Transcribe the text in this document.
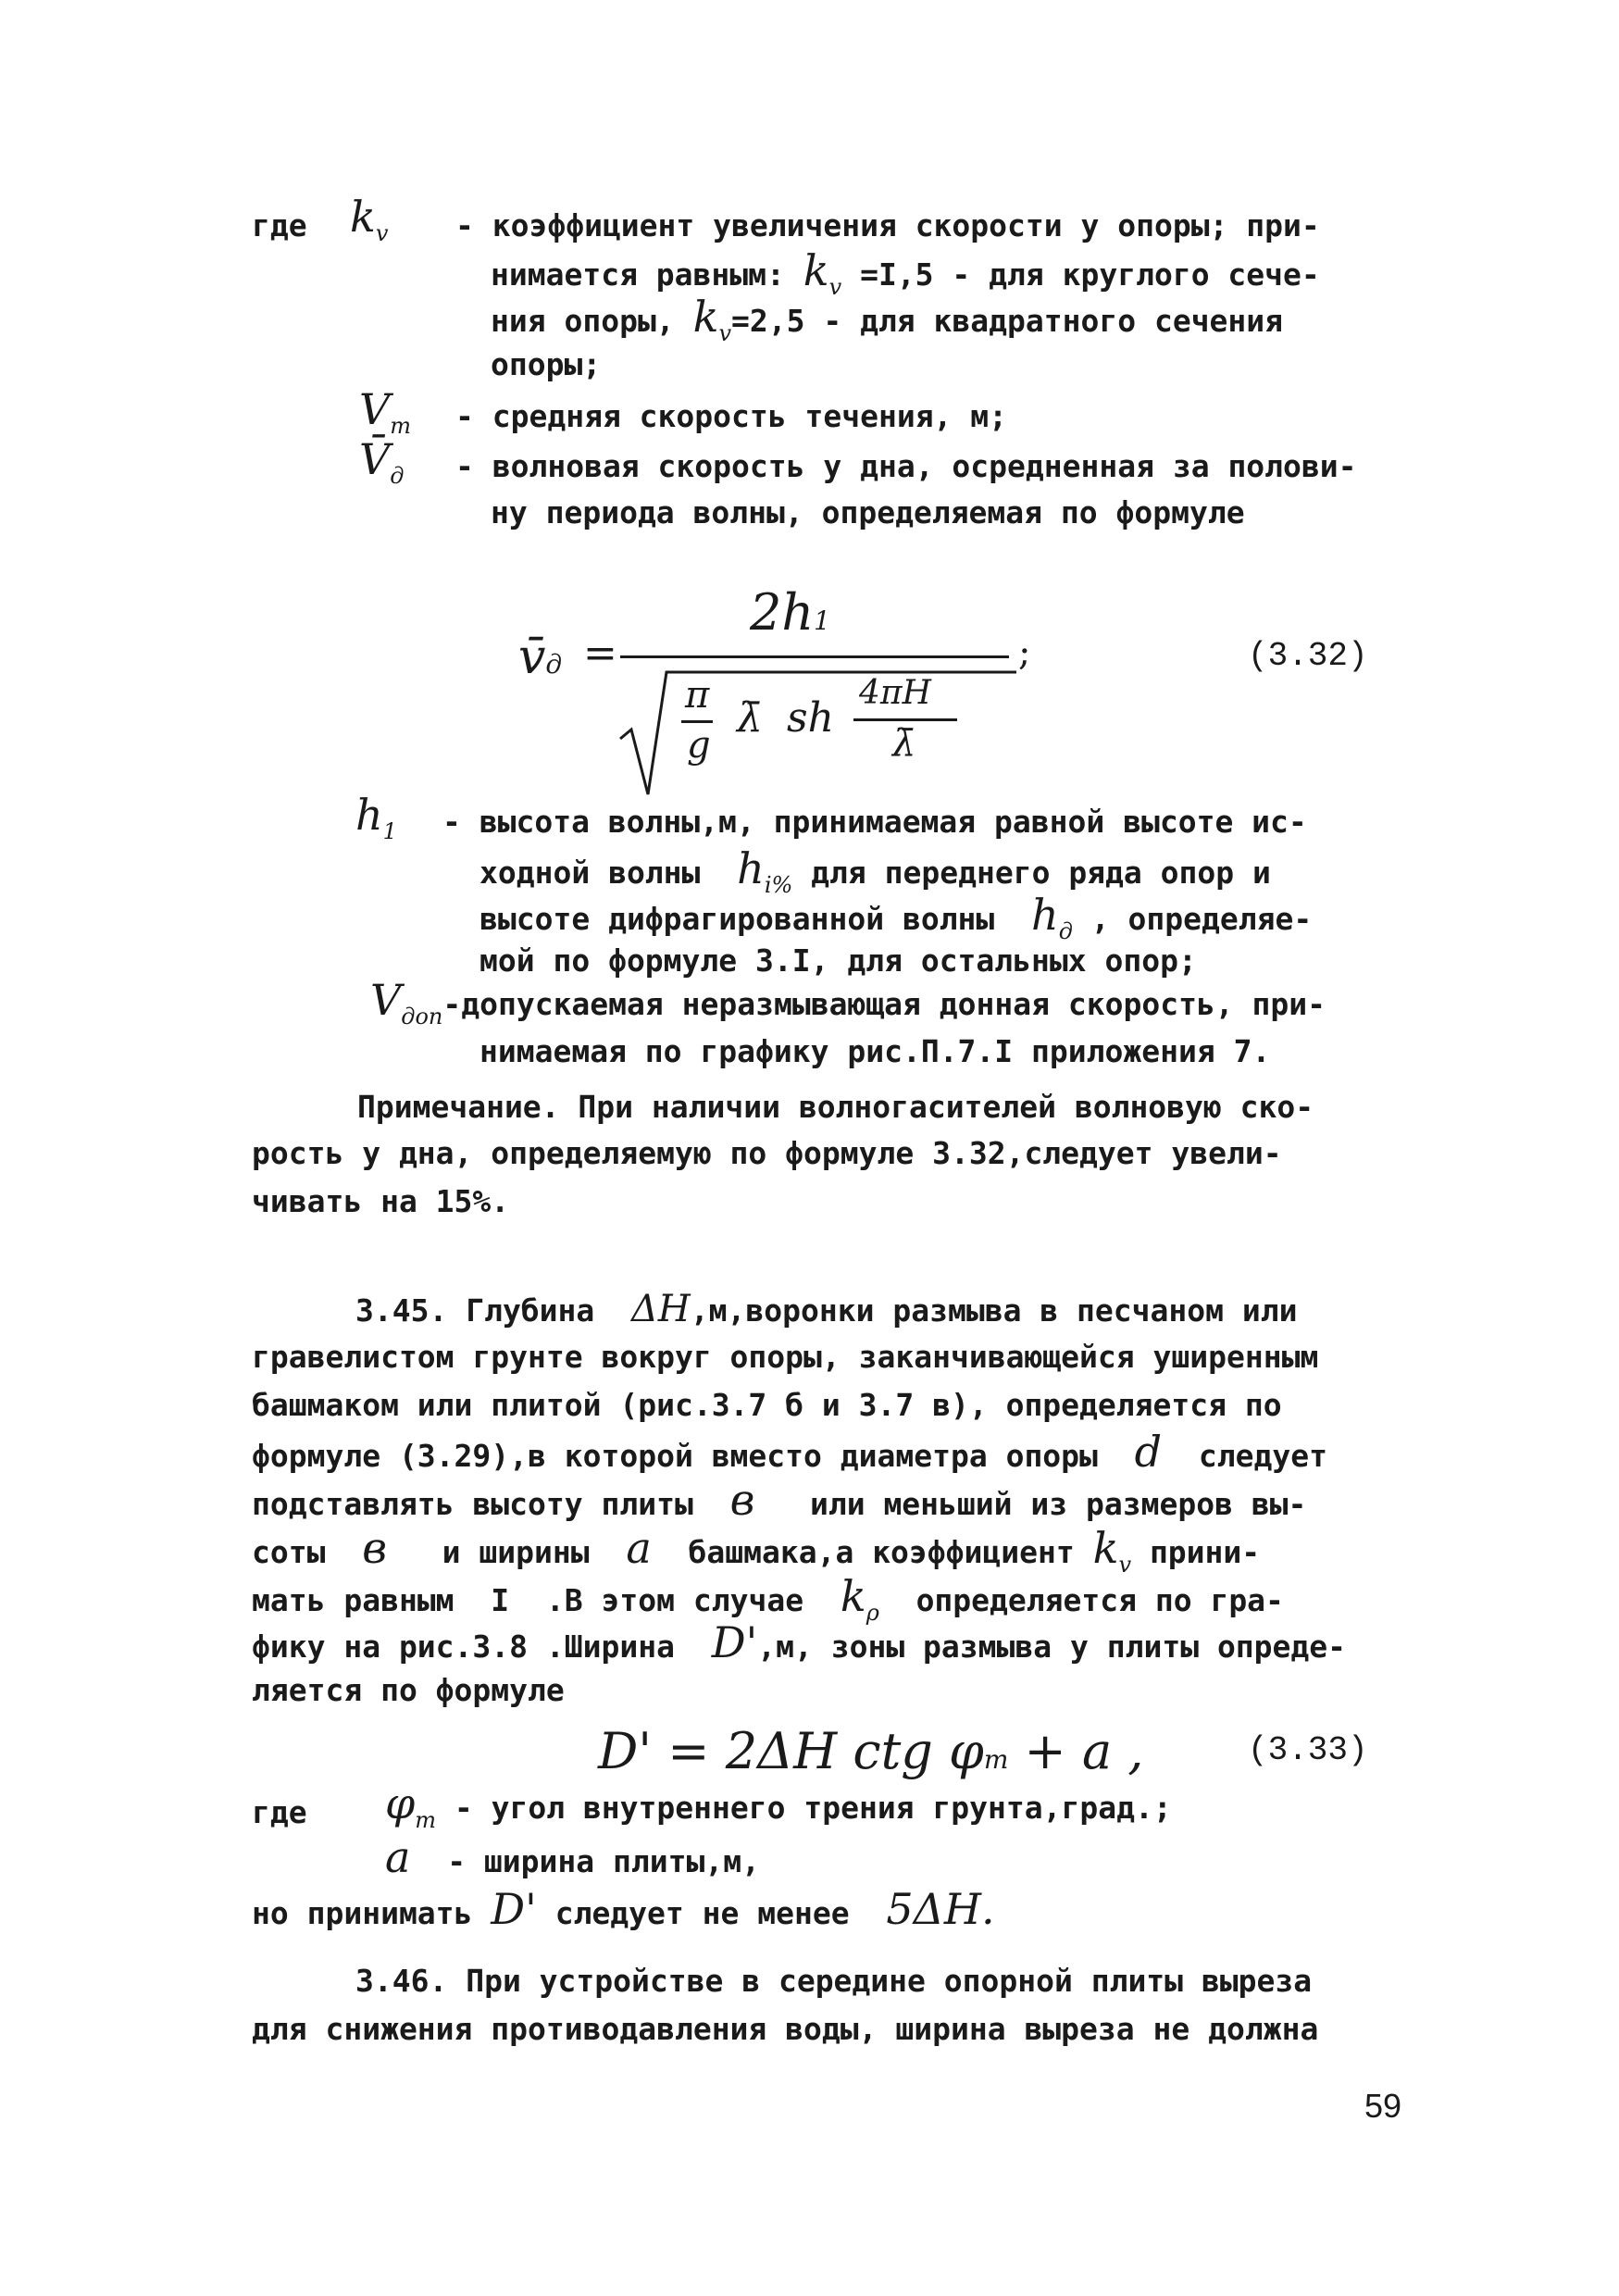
где $k_v$ - коэффициент увеличения скорости у опоры; при-
нимается равным: $k_v =I,5$ - для круглого сече-
ния опоры, $k_v=2,5$ - для квадратного сечения
опоры;
$V_т$ - средняя скорость течения, м;
$V̄_д$ - волновая скорость у дна, осредненная за полови-
ну периода волны, определяемая по формуле
v̄д =
2h1
π
g
λ̄ sh
4πH
λ̄
;	(3.32)
$h_1$ - высота волны,м, принимаемая равной высоте ис-
ходной волны $h_{i\%}$ для переднего ряда опор и
высоте дифрагированной волны $h_д$ , определяе-
мой по формуле 3.I, для остальных опор;
$V_{доп}$-допускаемая неразмывающая донная скорость, при-
нимаемая по графику рис.П.7.I приложения 7.
Примечание. При наличии волногасителей волновую ско-
рость у дна, определяемую по формуле 3.32,следует увели-
чивать на 15%.
3.45. Глубина ΔH,м,воронки размыва в песчаном или
гравелистом грунте вокруг опоры, заканчивающейся уширенным
башмаком или плитой (рис.3.7 б и 3.7 в), определяется по
формуле (3.29),в которой вместо диаметра опоры d следует
подставлять высоту плиты в или меньший из размеров вы-
соты в и ширины a башмака,а коэффициент $k_v$ прини-
мать равным I .В этом случае $k_\rho$ определяется по гра-
фику на рис.3.8 .Ширина D',м, зоны размыва у плиты опреде-
ляется по формуле
D' = 2ΔH ctg φт + a ,	(3.33)
где $\varphi_т$ - угол внутреннего трения грунта,град.;
a - ширина плиты,м,
но принимать D' следует не менее 5ΔH.
3.46. При устройстве в середине опорной плиты выреза
для снижения противодавления воды, ширина выреза не должна
59
